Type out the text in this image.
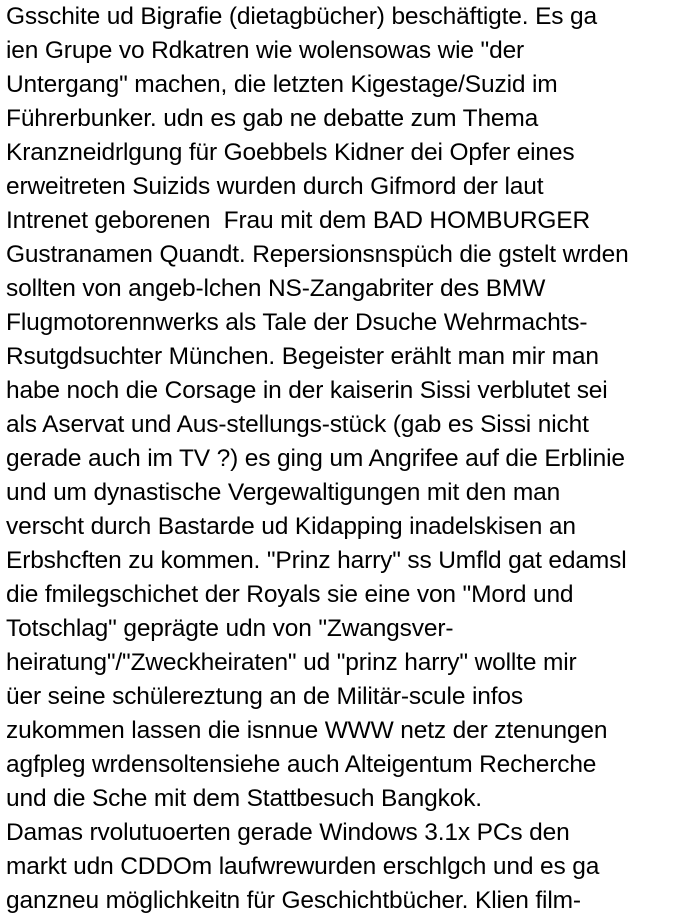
Gsschite ud Bigrafie (dietagbücher) beschäftigte. Es ga
ien Grupe vo Rdkatren wie wolensowas wie "der
Untergang" machen, die letzten Kigestage/Suzid im
Führerbunker. udn es gab ne debatte zum Thema
Kranzneidrlgung für Goebbels Kidner dei Opfer eines
erweitreten Suizids wurden durch Gifmord der laut
Intrenet geborenen  Frau mit dem BAD HOMBURGER
Gustranamen Quandt. Repersionsnspüch die gstelt wrden
sollten von angeb-lchen NS-Zangabriter des BMW
Flugmotorennwerks als Tale der Dsuche Wehrmachts-
Rsutgdsuchter München. Begeister erählt man mir man
habe noch die Corsage in der kaiserin Sissi verblutet sei
als Aservat und Aus-stellungs-stück (gab es Sissi nicht
gerade auch im TV ?) es ging um Angrifee auf die Erblinie
und um dynastische Vergewaltigungen mit den man
verscht durch Bastarde ud Kidapping inadelskisen an
Erbshcften zu kommen. "Prinz harry" ss Umfld gat edamsl
die fmilegschichet der Royals sie eine von "Mord und
Totschlag" geprägte udn von "Zwangsver-
heiratung"/"Zweckheiraten" ud "prinz harry" wollte mir
üer seine schülereztung an de Militär-scule infos
zukommen lassen die isnnue WWW netz der ztenungen
agfpleg wrdensoltensiehe auch Alteigentum Recherche
und die Sche mit dem Stattbesuch Bangkok.
Damas rvolutuoerten gerade Windows 3.1x PCs den
markt udn CDDOm laufwrewurden erschlgch und es ga
ganzneu möglichkeitn für Geschichtbücher. Klien film-
